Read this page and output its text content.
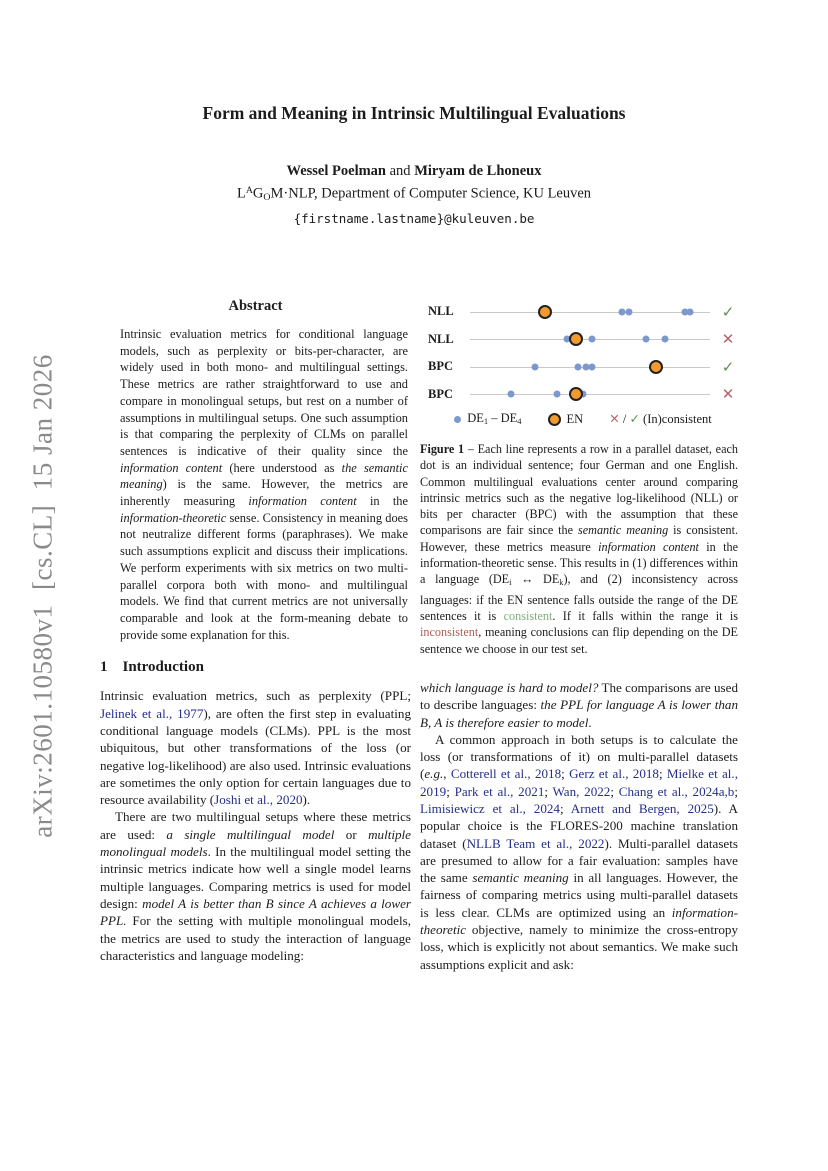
arXiv:2601.10580v1  [cs.CL]  15 Jan 2026
Form and Meaning in Intrinsic Multilingual Evaluations
Wessel Poelman and Miryam de Lhoneux
$L^AGOM\cdot NLP$, Department of Computer Science, KU Leuven
{firstname.lastname}@kuleuven.be
Abstract

Intrinsic evaluation metrics for conditional language models, such as perplexity or bits-per-character, are widely used in both mono- and multilingual settings. These metrics are rather straightforward to use and compare in monolingual setups, but rest on a number of assumptions in multilingual setups. One such assumption is that comparing the perplexity of CLMs on parallel sentences is indicative of their quality since the information content (here understood as the semantic meaning) is the same. However, the metrics are inherently measuring information content in the information-theoretic sense. Consistency in meaning does not neutralize different forms (paraphrases). We make such assumptions explicit and discuss their implications. We perform experiments with six metrics on two multi-parallel corpora both with mono- and multilingual models. We find that current metrics are not universally comparable and look at the form-meaning debate to provide some explanation for this.

1 Introduction

Intrinsic evaluation metrics, such as perplexity (PPL; Jelinek et al., 1977), are often the first step in evaluating conditional language models (CLMs). PPL is the most ubiquitous, but other transformations of the loss (or negative log-likelihood) are also used. Intrinsic evaluations are sometimes the only option for certain languages due to resource availability (Joshi et al., 2020).

There are two multilingual setups where these metrics are used: a single multilingual model or multiple monolingual models. In the multilingual model setting the intrinsic metrics indicate how well a single model learns multiple languages. Comparing metrics is used for model design: model A is better than B since A achieves a lower PPL. For the setting with multiple monolingual models, the metrics are used to study the interaction of language characteristics and language modeling:

NLL	✓
NLL	✕
BPC	✓
BPC	✕
DE1 – DE4	EN ✕ / ✓ (In)consistent

Figure 1 – Each line represents a row in a parallel dataset, each dot is an individual sentence; four German and one English. Common multilingual evaluations center around comparing intrinsic metrics such as the negative log-likelihood (NLL) or bits per character (BPC) with the assumption that these comparisons are fair since the semantic meaning is consistent. However, these metrics measure information content in the information-theoretic sense. This results in (1) differences within a language (DEi ↔ DEk), and (2) inconsistency across languages: if the EN sentence falls outside the range of the DE sentences it is consistent. If it falls within the range it is inconsistent, meaning conclusions can flip depending on the DE sentence we choose in our test set.

which language is hard to model? The comparisons are used to describe languages: the PPL for language A is lower than B, A is therefore easier to model.

A common approach in both setups is to calculate the loss (or transformations of it) on multi-parallel datasets (e.g., Cotterell et al., 2018; Gerz et al., 2018; Mielke et al., 2019; Park et al., 2021; Wan, 2022; Chang et al., 2024a,b; Limisiewicz et al., 2024; Arnett and Bergen, 2025). A popular choice is the FLORES-200 machine translation dataset (NLLB Team et al., 2022). Multi-parallel datasets are presumed to allow for a fair evaluation: samples have the same semantic meaning in all languages. However, the fairness of comparing metrics using multi-parallel datasets is less clear. CLMs are optimized using an information-theoretic objective, namely to minimize the cross-entropy loss, which is explicitly not about semantics. We make such assumptions explicit and ask:
